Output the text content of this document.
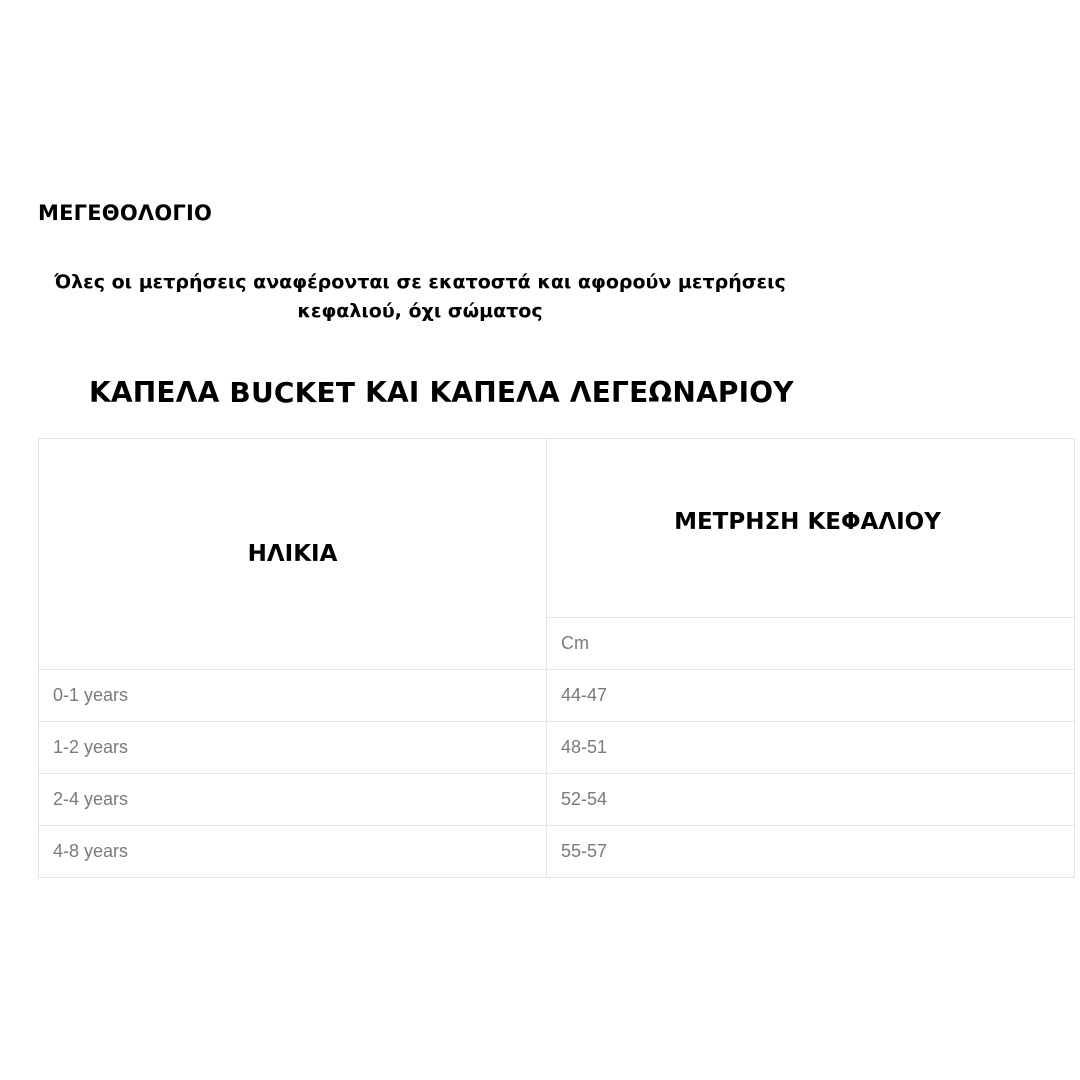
ΜΕΓΕΘΟΛΟΓΙΟ
Όλες οι μετρήσεις αναφέρονται σε εκατοστά και αφορούν μετρήσεις
κεφαλιού, όχι σώματος
ΚΑΠΕΛΑ BUCKET ΚΑΙ ΚΑΠΕΛΑ ΛΕΓΕΩΝΑΡΙΟΥ
ΗΛΙΚΙΑ	ΜΕΤΡΗΣΗ ΚΕΦΑΛΙΟΥ

	Cm
0-1 years	44-47
1-2 years	48-51
2-4 years	52-54
4-8 years	55-57
